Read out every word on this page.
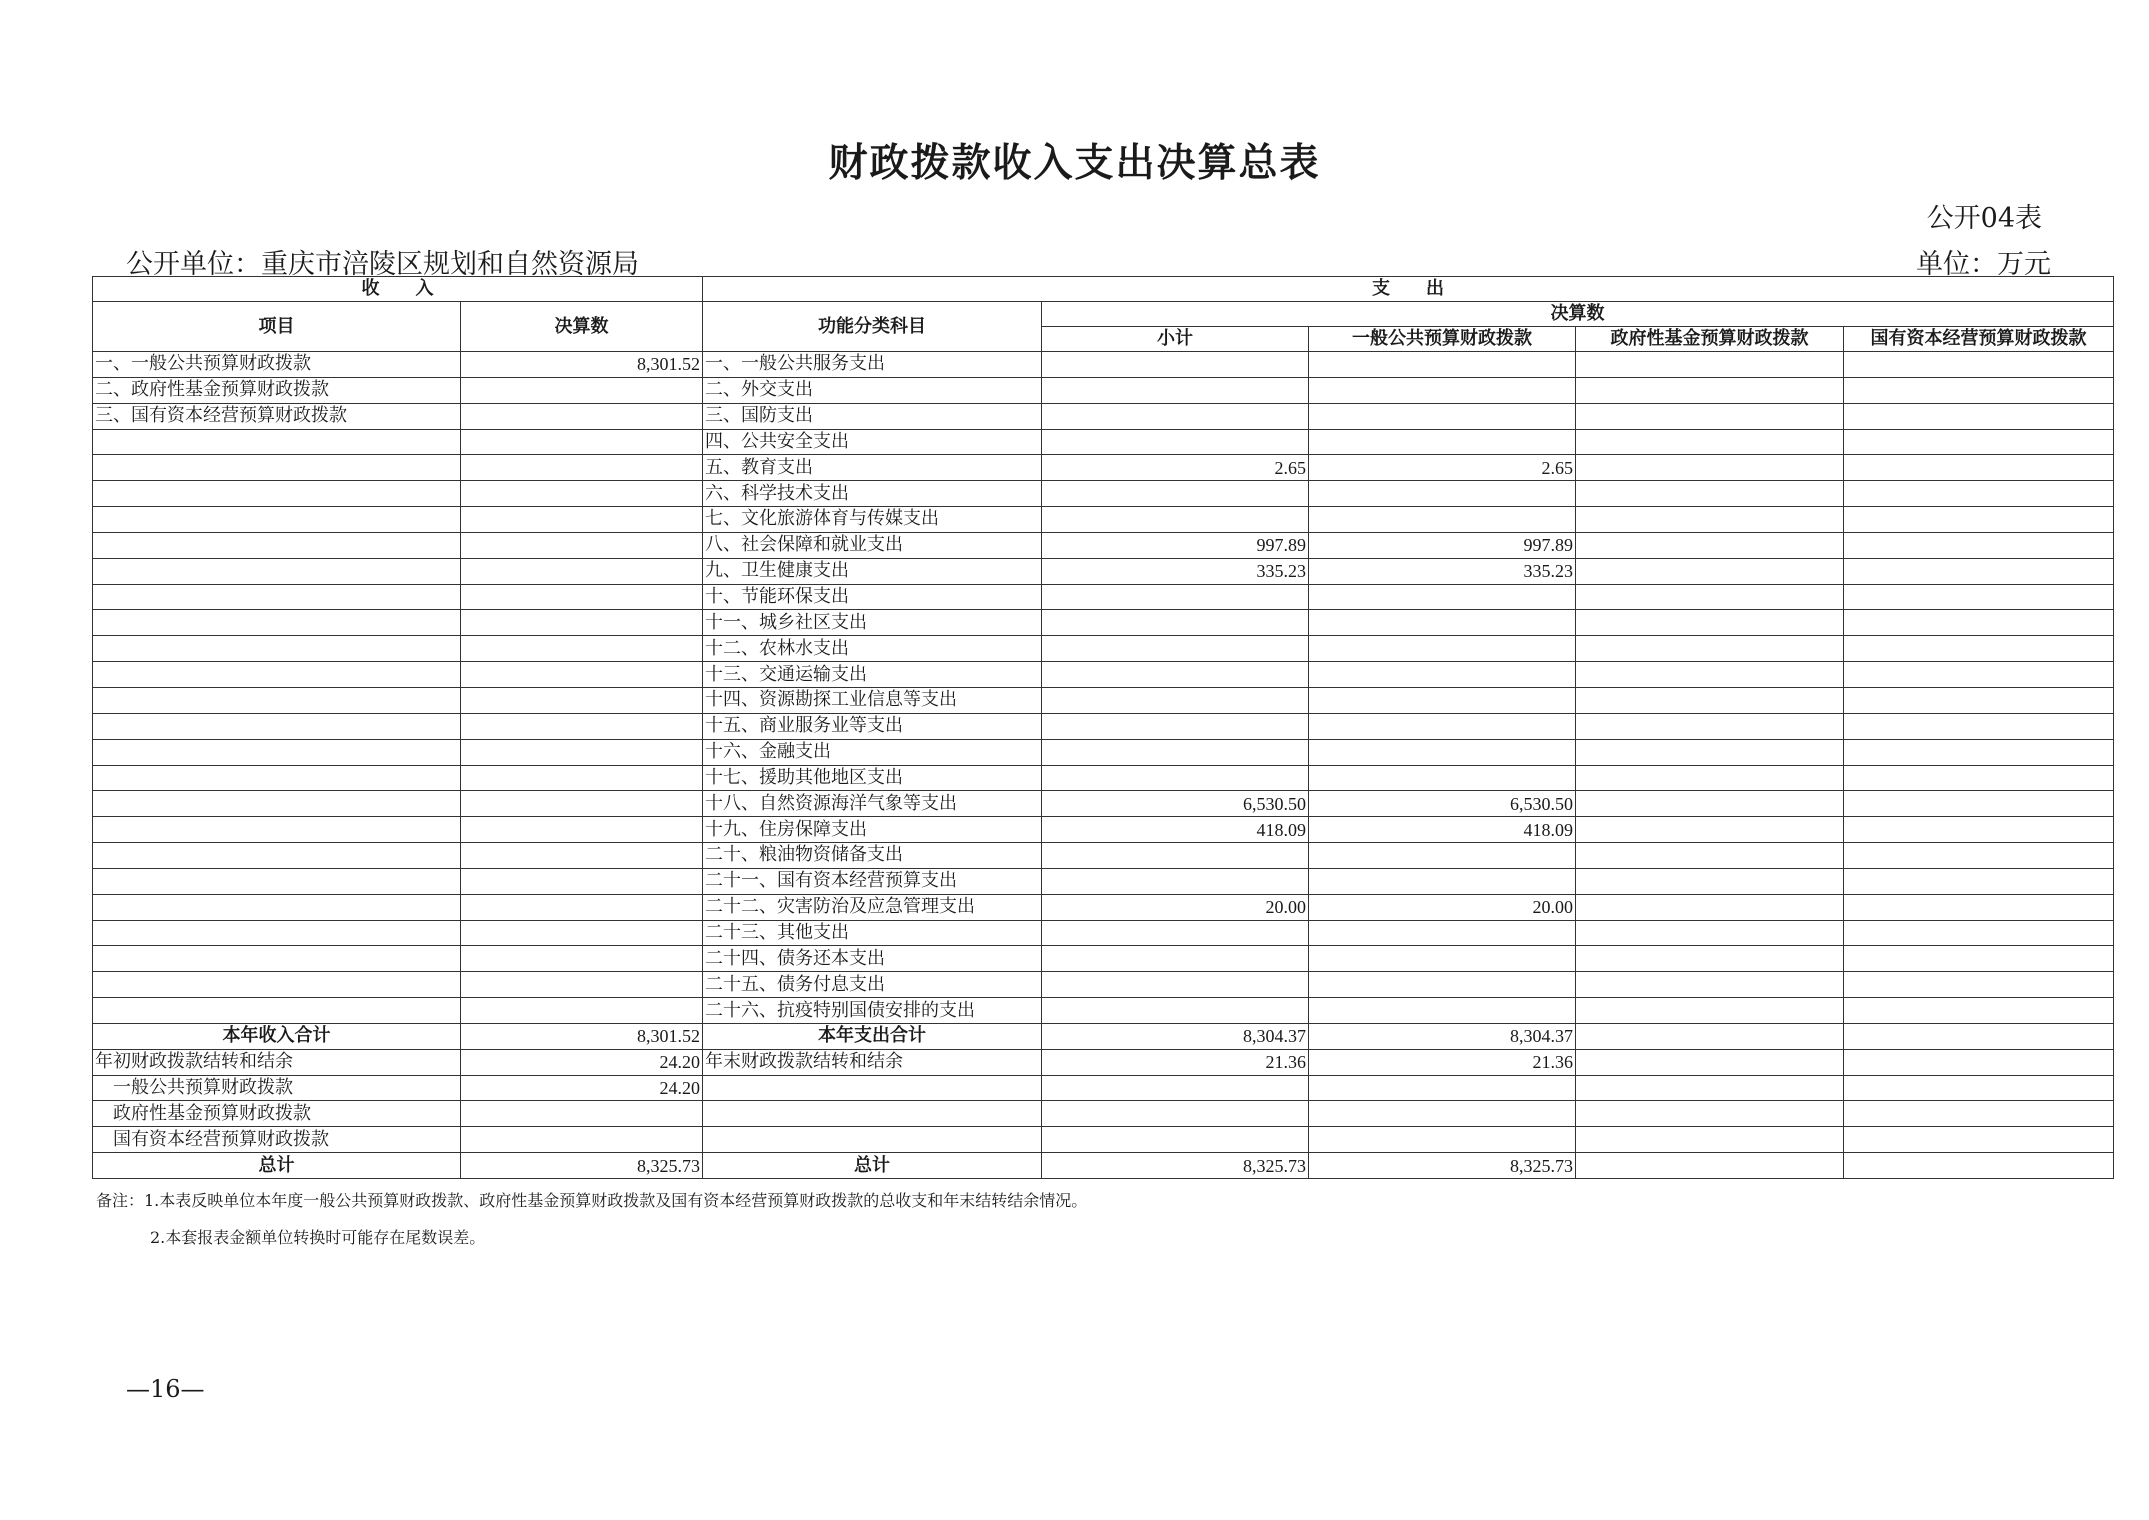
财政拨款收入支出决算总表
公开04表
公开单位：重庆市涪陵区规划和自然资源局	单位：万元
收　　入		支　　出				
项目	决算数	功能分类科目	决算数			
			小计	一般公共预算财政拨款	政府性基金预算财政拨款	国有资本经营预算财政拨款
一、一般公共预算财政拨款	8,301.52	一、一般公共服务支出				
二、政府性基金预算财政拨款		二、外交支出				
三、国有资本经营预算财政拨款		三、国防支出				
		四、公共安全支出				
		五、教育支出	2.65	2.65		
		六、科学技术支出				
		七、文化旅游体育与传媒支出				
		八、社会保障和就业支出	997.89	997.89		
		九、卫生健康支出	335.23	335.23		
		十、节能环保支出				
		十一、城乡社区支出				
		十二、农林水支出				
		十三、交通运输支出				
		十四、资源勘探工业信息等支出				
		十五、商业服务业等支出				
		十六、金融支出				
		十七、援助其他地区支出				
		十八、自然资源海洋气象等支出	6,530.50	6,530.50		
		十九、住房保障支出	418.09	418.09		
		二十、粮油物资储备支出				
		二十一、国有资本经营预算支出				
		二十二、灾害防治及应急管理支出	20.00	20.00		
		二十三、其他支出				
		二十四、债务还本支出				
		二十五、债务付息支出				
		二十六、抗疫特别国债安排的支出				
本年收入合计	8,301.52	本年支出合计	8,304.37	8,304.37		
年初财政拨款结转和结余	24.20	年末财政拨款结转和结余	21.36	21.36		
一般公共预算财政拨款	24.20					
政府性基金预算财政拨款						
国有资本经营预算财政拨款						
总计	8,325.73	总计	8,325.73	8,325.73		
备注：1.本表反映单位本年度一般公共预算财政拨款、政府性基金预算财政拨款及国有资本经营预算财政拨款的总收支和年末结转结余情况。
2.本套报表金额单位转换时可能存在尾数误差。
—16—
